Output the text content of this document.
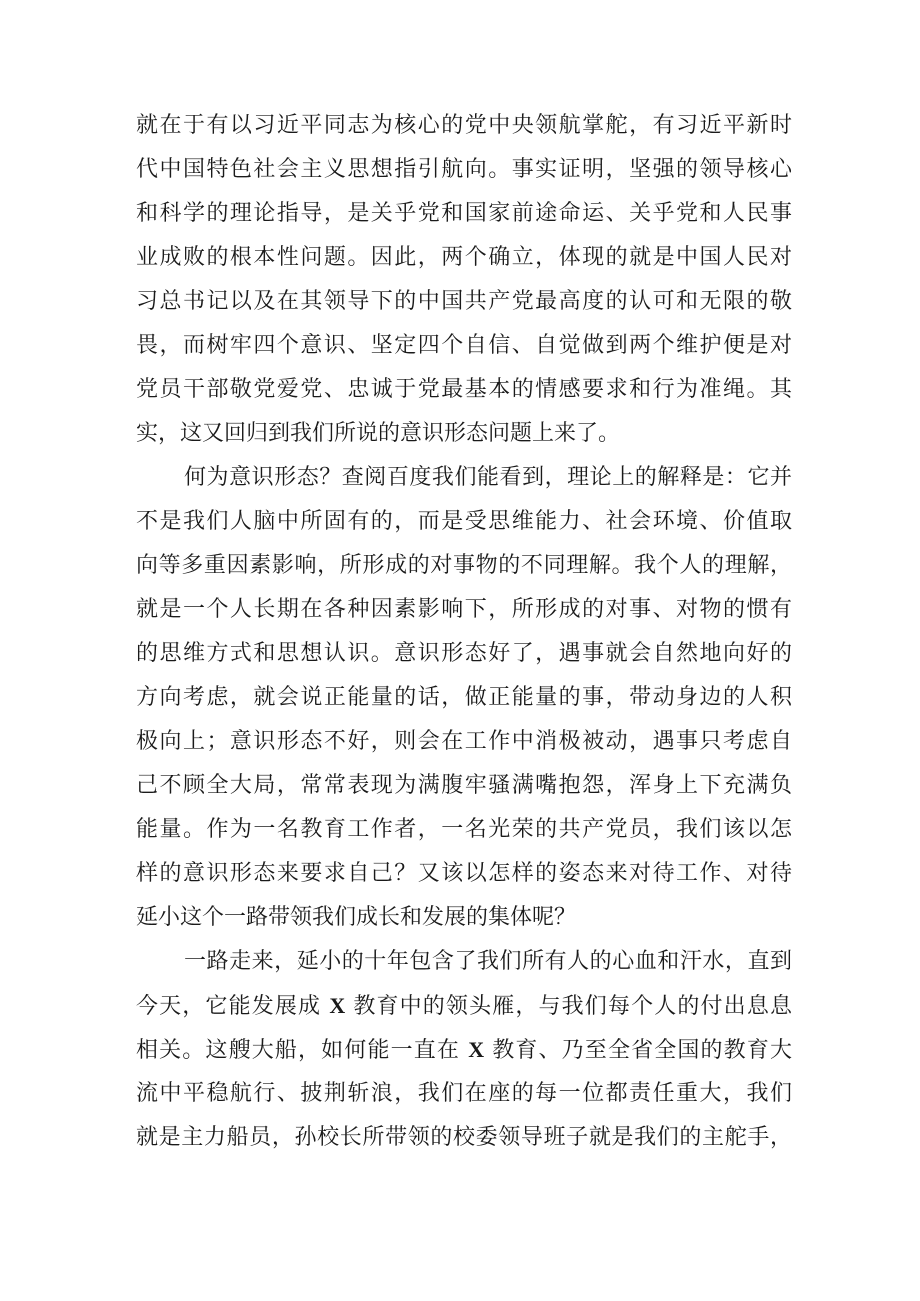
就在于有以习近平同志为核心的党中央领航掌舵，有习近平新时
代中国特色社会主义思想指引航向。事实证明，坚强的领导核心
和科学的理论指导，是关乎党和国家前途命运、关乎党和人民事
业成败的根本性问题。因此，两个确立，体现的就是中国人民对
习总书记以及在其领导下的中国共产党最高度的认可和无限的敬
畏，而树牢四个意识、坚定四个自信、自觉做到两个维护便是对
党员干部敬党爱党、忠诚于党最基本的情感要求和行为准绳。其
实，这又回归到我们所说的意识形态问题上来了。
何为意识形态？查阅百度我们能看到，理论上的解释是：它并
不是我们人脑中所固有的，而是受思维能力、社会环境、价值取
向等多重因素影响，所形成的对事物的不同理解。我个人的理解，
就是一个人长期在各种因素影响下，所形成的对事、对物的惯有
的思维方式和思想认识。意识形态好了，遇事就会自然地向好的
方向考虑，就会说正能量的话，做正能量的事，带动身边的人积
极向上；意识形态不好，则会在工作中消极被动，遇事只考虑自
己不顾全大局，常常表现为满腹牢骚满嘴抱怨，浑身上下充满负
能量。作为一名教育工作者，一名光荣的共产党员，我们该以怎
样的意识形态来要求自己？又该以怎样的姿态来对待工作、对待
延小这个一路带领我们成长和发展的集体呢？
一路走来，延小的十年包含了我们所有人的心血和汗水，直到
今天，它能发展成 X 教育中的领头雁，与我们每个人的付出息息
相关。这艘大船，如何能一直在 X 教育、乃至全省全国的教育大
流中平稳航行、披荆斩浪，我们在座的每一位都责任重大，我们
就是主力船员，孙校长所带领的校委领导班子就是我们的主舵手，
